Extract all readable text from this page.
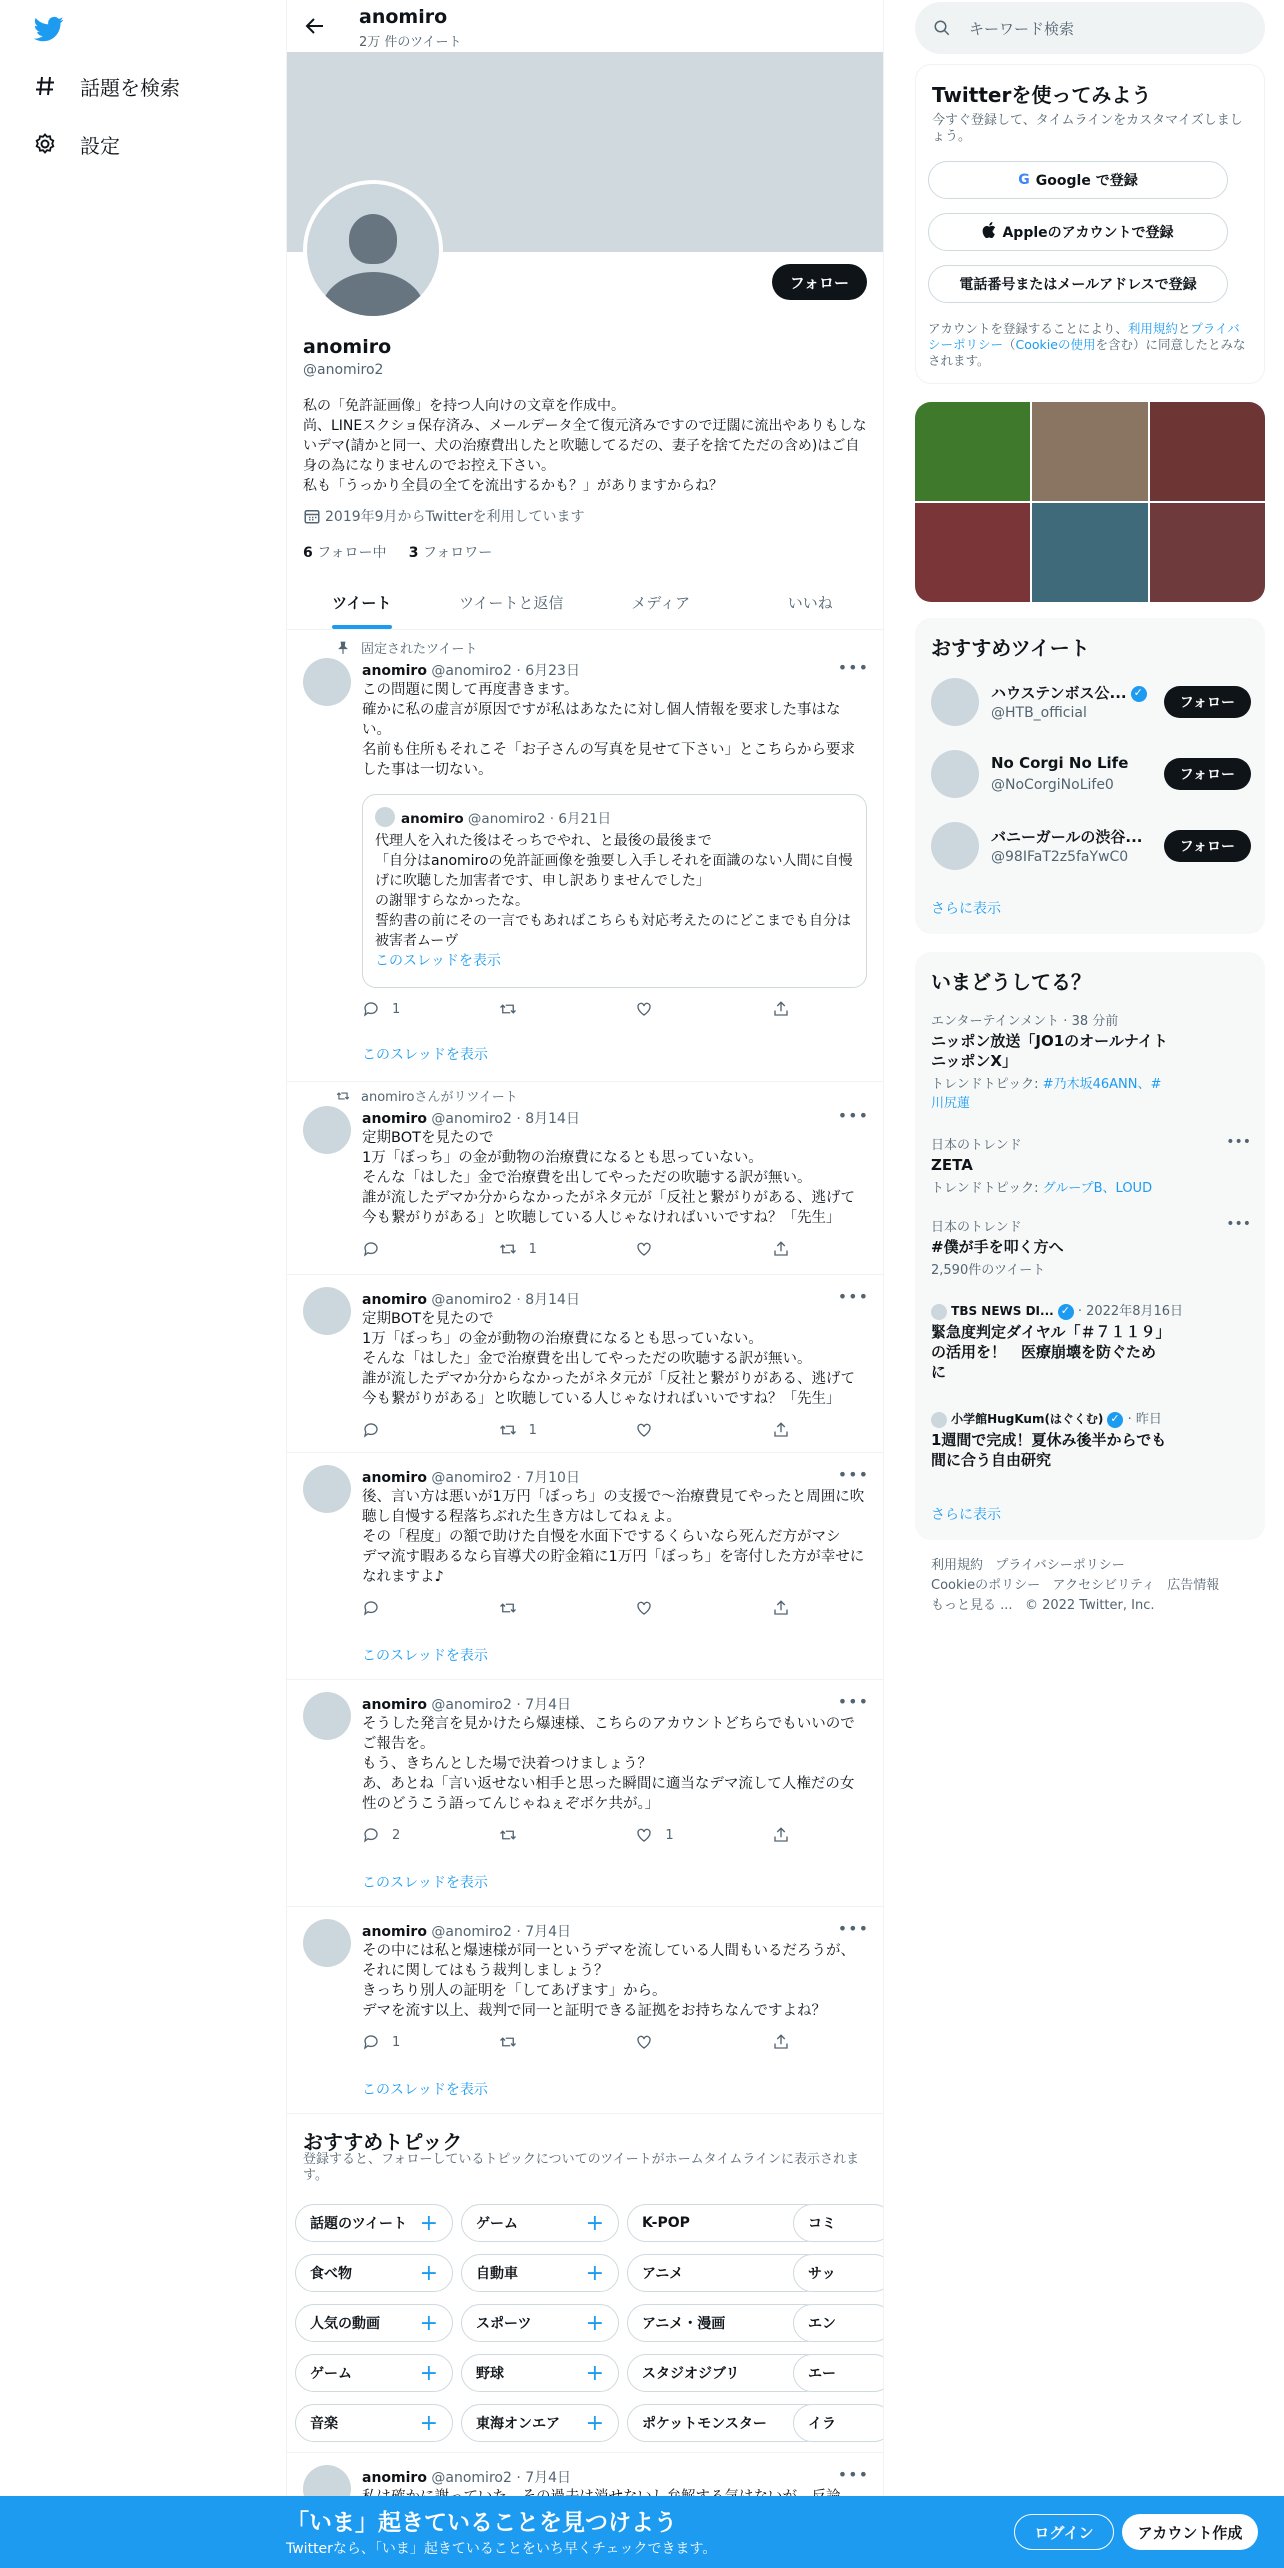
話題を検索
設定
anomiro
2万 件のツイート
フォロー
anomiro
@anomiro2
私の「免許証画像」を持つ人向けの文章を作成中。
尚、LINEスクショ保存済み、メールデータ全て復元済みですので迂闊に流出やありもしないデマ(請かと同一、犬の治療費出したと吹聴してるだの、妻子を捨てただの含め)はご自身の為になりませんのでお控え下さい。
私も「うっかり全員の全てを流出するかも？」がありますからね？
2019年9月からTwitterを利用しています
6 フォロー中 3 フォロワー
ツイート	ツイートと返信	メディア	いいね
固定されたツイート
anomiro @anomiro2 · 6月23日	•••
この問題に関して再度書きます。
確かに私の虚言が原因ですが私はあなたに対し個人情報を要求した事はない。
名前も住所もそれこそ「お子さんの写真を見せて下さい」とこちらから要求した事は一切ない。
anomiro @anomiro2 · 6月21日
代理人を入れた後はそっちでやれ、と最後の最後まで
「自分はanomiroの免許証画像を強要し入手しそれを面識のない人間に自慢げに吹聴した加害者です、申し訳ありませんでした」
の謝罪すらなかったな。
誓約書の前にその一言でもあればこちらも対応考えたのにどこまでも自分は被害者ムーヴ
このスレッドを表示
1
このスレッドを表示
anomiroさんがリツイート
anomiro @anomiro2 · 8月14日	•••
定期BOTを見たので
1万「ぼっち」の金が動物の治療費になるとも思っていない。
そんな「はした」金で治療費を出してやっただの吹聴する訳が無い。
誰が流したデマか分からなかったがネタ元が「反社と繋がりがある、逃げて今も繋がりがある」と吹聴している人じゃなければいいですね？「先生」
1
anomiro @anomiro2 · 8月14日	•••
定期BOTを見たので
1万「ぼっち」の金が動物の治療費になるとも思っていない。
そんな「はした」金で治療費を出してやっただの吹聴する訳が無い。
誰が流したデマか分からなかったがネタ元が「反社と繋がりがある、逃げて今も繋がりがある」と吹聴している人じゃなければいいですね？「先生」
1
anomiro @anomiro2 · 7月10日	•••
後、言い方は悪いが1万円「ぼっち」の支援で～治療費見てやったと周囲に吹聴し自慢する程落ちぶれた生き方はしてねぇよ。
その「程度」の額で助けた自慢を水面下でするくらいなら死んだ方がマシ
デマ流す暇あるなら盲導犬の貯金箱に1万円「ぼっち」を寄付した方が幸せになれますよ♪
このスレッドを表示
anomiro @anomiro2 · 7月4日	•••
そうした発言を見かけたら爆速様、こちらのアカウントどちらでもいいのでご報告を。
もう、きちんとした場で決着つけましょう？
あ、あとね「言い返せない相手と思った瞬間に適当なデマ流して人権だの女性のどうこう語ってんじゃねぇぞボケ共が。」
2	1
このスレッドを表示
anomiro @anomiro2 · 7月4日	•••
その中には私と爆速様が同一というデマを流している人間もいるだろうが、それに関してはもう裁判しましょう？
きっちり別人の証明を「してあげます」から。
デマを流す以上、裁判で同一と証明できる証拠をお持ちなんですよね？
1
このスレッドを表示
おすすめトピック
登録すると、フォローしているトピックについてのツイートがホームタイムラインに表示されます。
話題のツイート +	ゲーム	+	K-POP	コミ
食べ物	+	自動車	+	アニメ	サッ
人気の動画 +	スポーツ +	アニメ・漫画	エン
ゲーム	+	野球	+	スタジオジブリ	エー
音楽	+	東海オンエア +	ポケットモンスター	イラ
anomiro @anomiro2 · 7月4日	•••
キーワード検索
Twitterを使ってみよう
今すぐ登録して、タイムラインをカスタマイズしましょう。
G Google で登録
Appleのアカウントで登録
電話番号またはメールアドレスで登録
アカウントを登録することにより、利用規約とプライバシーポリシー（Cookieの使用を含む）に同意したとみなされます。
おすすめツイート
ハウステンボス公...✓
@HTB_official
フォロー
No Corgi No Life
@NoCorgiNoLife0
フォロー
バニーガールの渋谷...
@98IFaT2z5faYwC0
フォロー
さらに表示
いまどうしてる？
エンターテインメント · 38 分前
ニッポン放送「JO1のオールナイトニッポンX」
トレンドトピック: #乃木坂46ANN、#川尻蓮
日本のトレンド
ZETA
トレンドトピック: グループB、LOUD
•••
日本のトレンド
#僕が手を叩く方へ
2,590件のツイート
•••
TBS NEWS DI... ✓ · 2022年8月16日
緊急度判定ダイヤル「＃７１１９」の活用を！　医療崩壊を防ぐために
小学館HugKum(はぐくむ) ✓ · 昨日
1週間で完成！夏休み後半からでも間に合う自由研究
さらに表示
利用規約 プライバシーポリシー
Cookieのポリシー アクセシビリティ 広告情報
もっと見る ... © 2022 Twitter, Inc.
「いま」起きていることを見つけよう
Twitterなら、「いま」起きていることをいち早くチェックできます。
ログイン	アカウント作成
